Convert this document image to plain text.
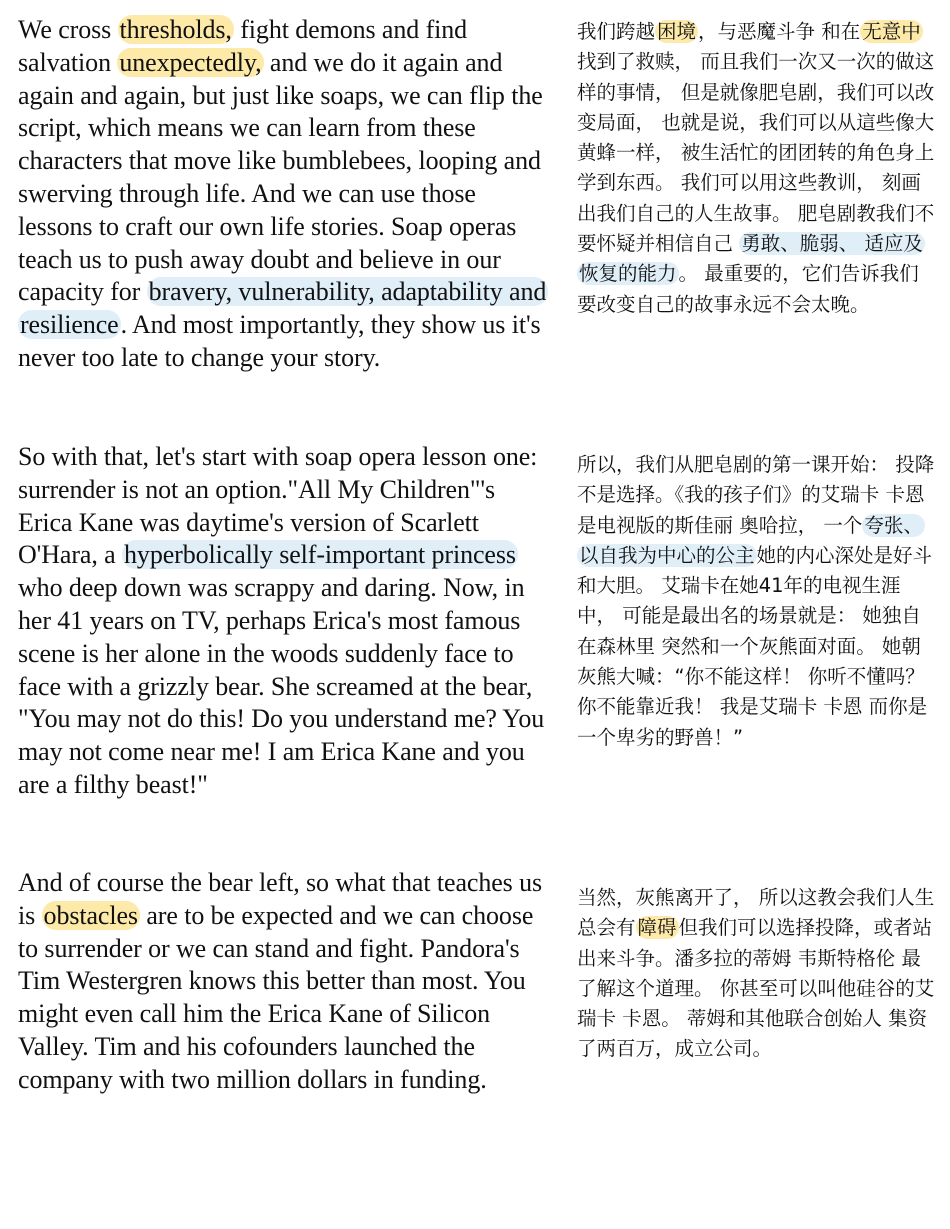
We cross thresholds, fight demons and find salvation unexpectedly, and we do it again and again and again, but just like soaps, we can flip the script, which means we can learn from these characters that move like bumblebees, looping and swerving through life. And we can use those lessons to craft our own life stories. Soap operas teach us to push away doubt and believe in our capacity for bravery, vulnerability, adaptability and resilience. And most importantly, they show us it's never too late to change your story.

So with that, let's start with soap opera lesson one: surrender is not an option."All My Children"'s Erica Kane was daytime's version of Scarlett O'Hara, a hyperbolically self-important princess who deep down was scrappy and daring. Now, in her 41 years on TV, perhaps Erica's most famous scene is her alone in the woods suddenly face to face with a grizzly bear. She screamed at the bear, "You may not do this! Do you understand me? You may not come near me! I am Erica Kane and you are a filthy beast!"

And of course the bear left, so what that teaches us is obstacles are to be expected and we can choose to surrender or we can stand and fight. Pandora's Tim Westergren knows this better than most. You might even call him the Erica Kane of Silicon Valley. Tim and his cofounders launched the company with two million dollars in funding.

我们跨越 困境 ，与恶魔斗争 和在 无意中找到了救赎， 而且我们一次又一次的做这样的事情， 但是就像肥皂剧，我们可以改变局面， 也就是说，我们可以从這些像大黄蜂一样， 被生活忙的团团转的角色身上 学到东西。 我们可以用这些教训， 刻画出我们自己的人生故事。 肥皂剧教我们不要怀疑并相信自己 勇敢、脆弱、 适应及恢复的能力 。 最重要的，它们告诉我们要改变自己的故事永远不会太晚。

所以，我们从肥皂剧的第一课开始： 投降不是选择。《我的孩子们》的艾瑞卡 卡恩 是电视版的斯佳丽 奥哈拉， 一个 夸张、以自我为中心的公主 她的内心深处是好斗和大胆。 艾瑞卡在她41年的电视生涯中， 可能是最出名的场景就是： 她独自在森林里 突然和一个灰熊面对面。 她朝灰熊大喊：“你不能这样！ 你听不懂吗？ 你不能靠近我！ 我是艾瑞卡 卡恩 而你是一个卑劣的野兽！”

当然，灰熊离开了， 所以这教会我们人生总会有 障碍 但我们可以选择投降，或者站出来斗争。潘多拉的蒂姆 韦斯特格伦 最了解这个道理。 你甚至可以叫他硅谷的艾瑞卡 卡恩。 蒂姆和其他联合创始人 集资了两百万，成立公司。
